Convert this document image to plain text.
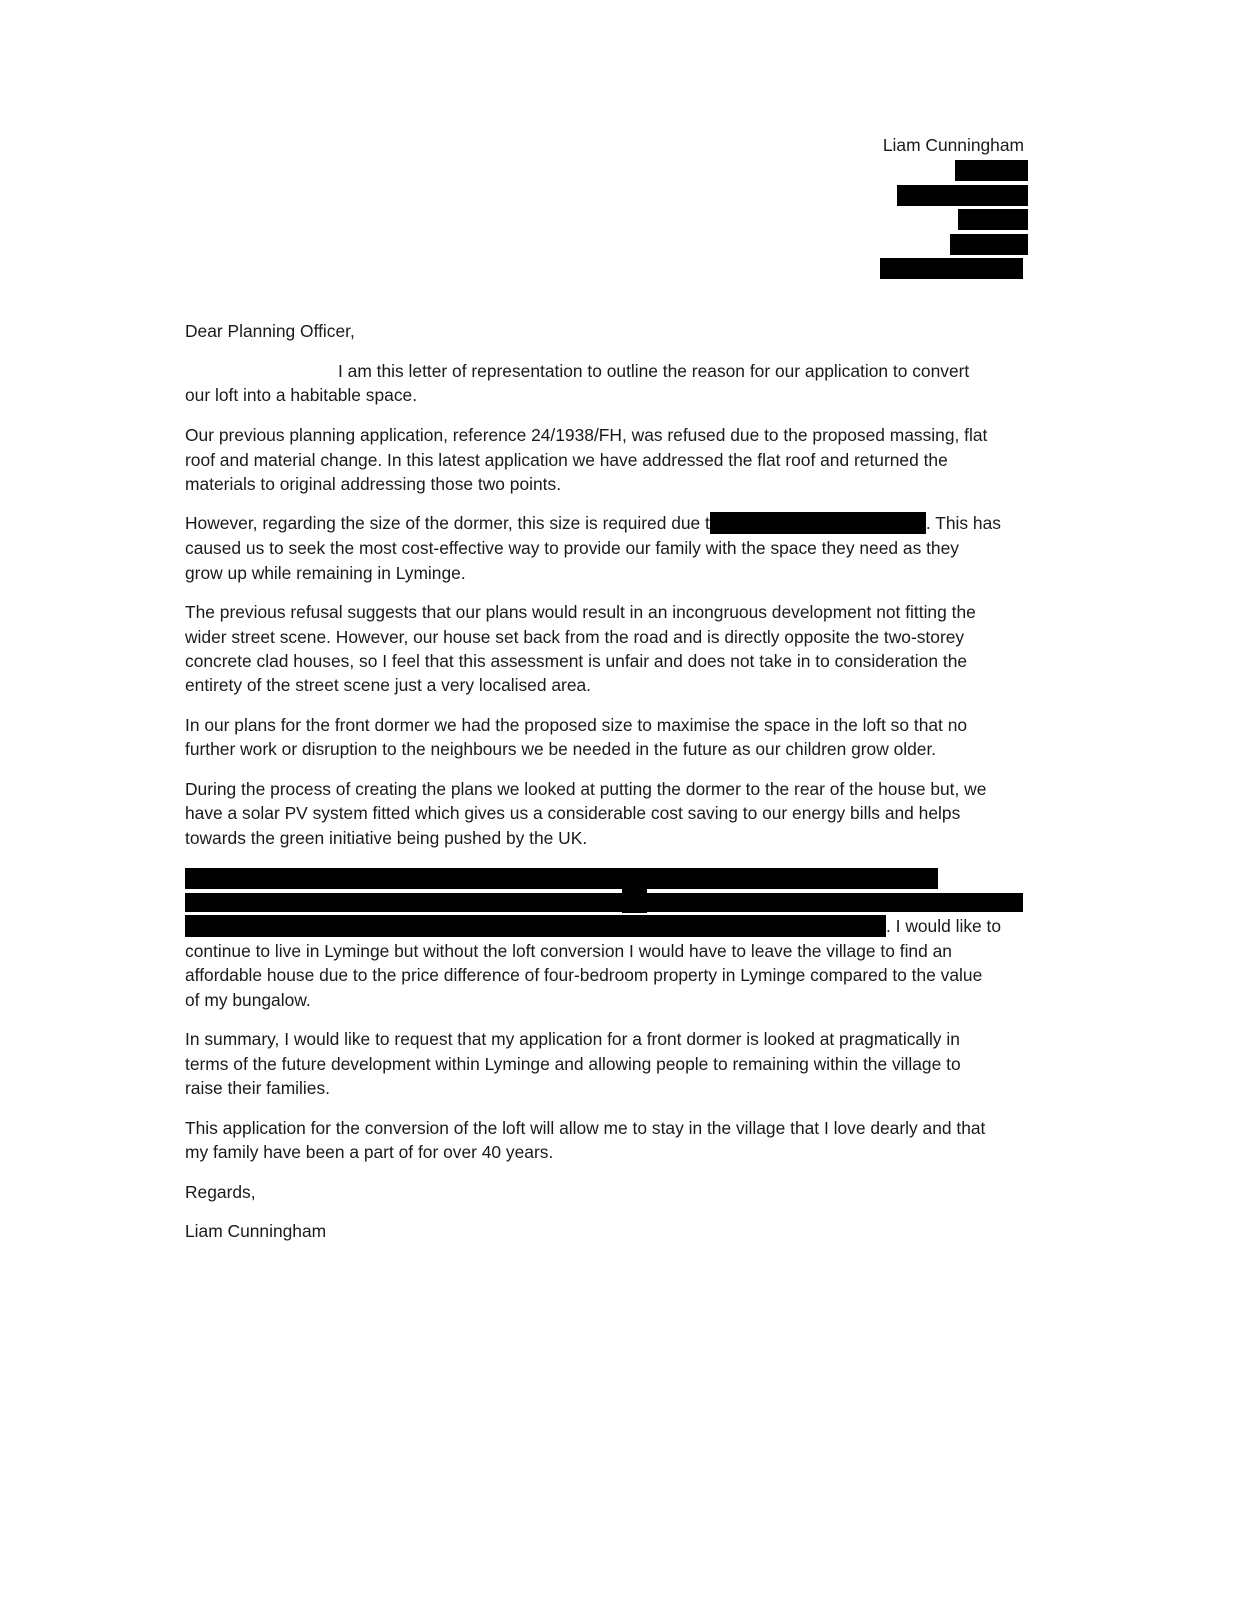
Liam Cunningham
Dear Planning Officer,
I am this letter of representation to outline the reason for our application to convert
our loft into a habitable space.
Our previous planning application, reference 24/1938/FH, was refused due to the proposed massing, flat
roof and material change. In this latest application we have addressed the flat roof and returned the
materials to original addressing those two points.
However, regarding the size of the dormer, this size is required due t	. This has
caused us to seek the most cost-effective way to provide our family with the space they need as they
grow up while remaining in Lyminge.
The previous refusal suggests that our plans would result in an incongruous development not fitting the
wider street scene. However, our house set back from the road and is directly opposite the two-storey
concrete clad houses, so I feel that this assessment is unfair and does not take in to consideration the
entirety of the street scene just a very localised area.
In our plans for the front dormer we had the proposed size to maximise the space in the loft so that no
further work or disruption to the neighbours we be needed in the future as our children grow older.
During the process of creating the plans we looked at putting the dormer to the rear of the house but, we
have a solar PV system fitted which gives us a considerable cost saving to our energy bills and helps
towards the green initiative being pushed by the UK.
. I would like to
continue to live in Lyminge but without the loft conversion I would have to leave the village to find an
affordable house due to the price difference of four-bedroom property in Lyminge compared to the value
of my bungalow.
In summary, I would like to request that my application for a front dormer is looked at pragmatically in
terms of the future development within Lyminge and allowing people to remaining within the village to
raise their families.
This application for the conversion of the loft will allow me to stay in the village that I love dearly and that
my family have been a part of for over 40 years.
Regards,
Liam Cunningham
